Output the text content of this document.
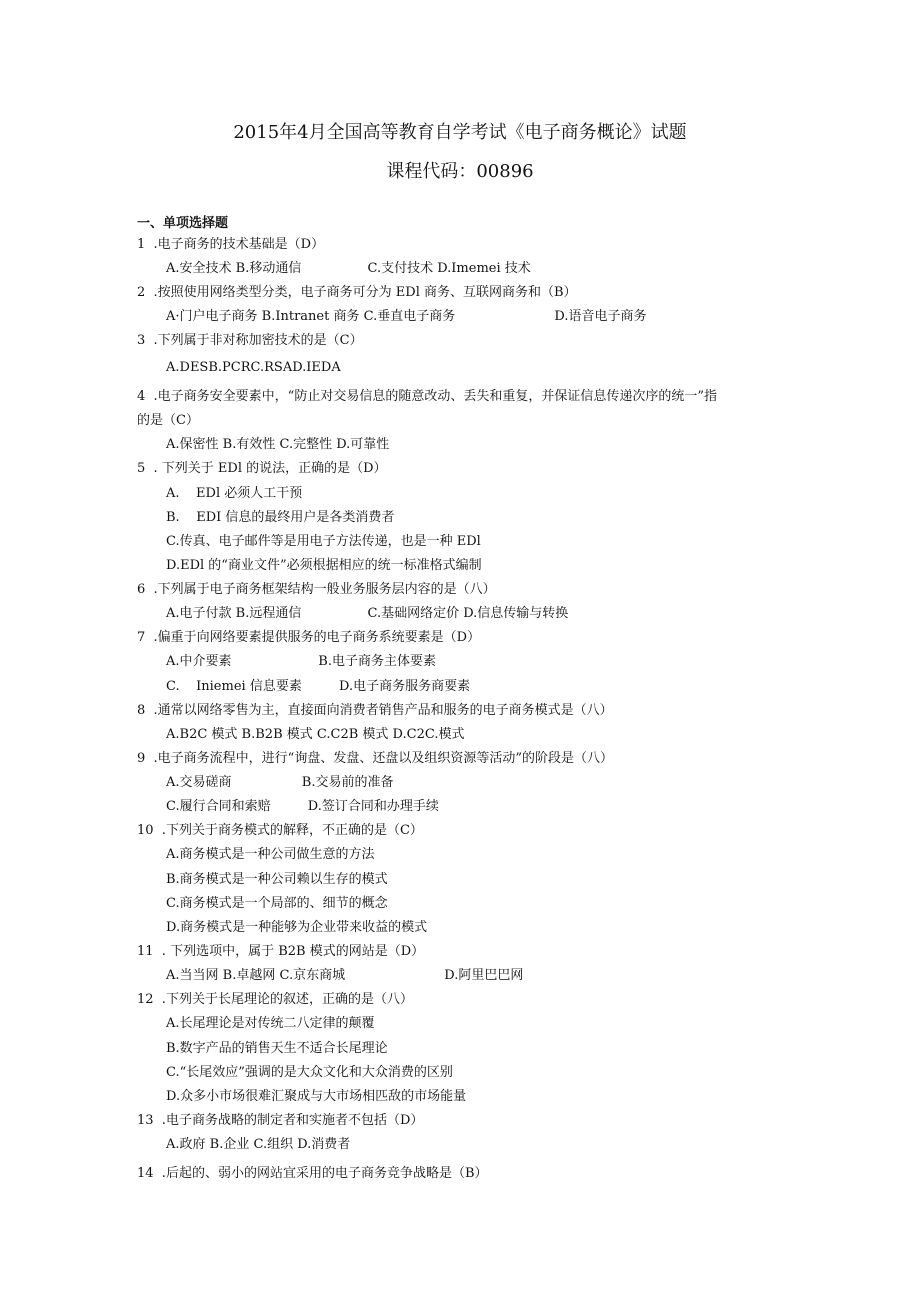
2015年4月全国高等教育自学考试《电子商务概论》试题
课程代码：00896
一、单项选择题
1  .电子商务的技术基础是（D）
A.安全技术 B.移动通信                C.支付技术 D.Imemei 技术
2  .按照使用网络类型分类，电子商务可分为 EDl 商务、互联网商务和（B）
A·门户电子商务 B.Intranet 商务 C.垂直电子商务                        D.语音电子商务
3  .下列属于非对称加密技术的是（C）
A.DESB.PCRC.RSAD.IEDA
4  .电子商务安全要素中，“防止对交易信息的随意改动、丢失和重复，并保证信息传递次序的统一”指
的是（C）
A.保密性 B.有效性 C.完整性 D.可靠性
5  . 下列关于 EDl 的说法，正确的是（D）
A.    EDl 必须人工干预
B.    EDI 信息的最终用户是各类消费者
C.传真、电子邮件等是用电子方法传递，也是一种 EDl
D.EDl 的“商业文件”必须根据相应的统一标准格式编制
6  .下列属于电子商务框架结构一般业务服务层内容的是（八）
A.电子付款 B.远程通信                C.基础网络定价 D.信息传输与转换
7  .偏重于向网络要素提供服务的电子商务系统要素是（D）
A.中介要素                     B.电子商务主体要素
C.    Iniemei 信息要素         D.电子商务服务商要素
8  .通常以网络零售为主，直接面向消费者销售产品和服务的电子商务模式是（八）
A.B2C 模式 B.B2B 模式 C.C2B 模式 D.C2C.模式
9  .电子商务流程中，进行“询盘、发盘、还盘以及组织资源等活动”的阶段是（八）
A.交易磋商                 B.交易前的准备
C.履行合同和索赔         D.签订合同和办理手续
10  .下列关于商务模式的解释，不正确的是（C）
A.商务模式是一种公司做生意的方法
B.商务模式是一种公司赖以生存的模式
C.商务模式是一个局部的、细节的概念
D.商务模式是一种能够为企业带来收益的模式
11  . 下列选项中，属于 B2B 模式的网站是（D）
A.当当网 B.卓越网 C.京东商城                        D.阿里巴巴网
12  .下列关于长尾理论的叙述，正确的是（八）
A.长尾理论是对传统二八定律的颠覆
B.数字产品的销售天生不适合长尾理论
C.“长尾效应”强调的是大众文化和大众消费的区别
D.众多小市场很难汇聚成与大市场相匹敌的市场能量
13  .电子商务战略的制定者和实施者不包括（D）
A.政府 B.企业 C.组织 D.消费者
14  .后起的、弱小的网站宜采用的电子商务竞争战略是（B）
